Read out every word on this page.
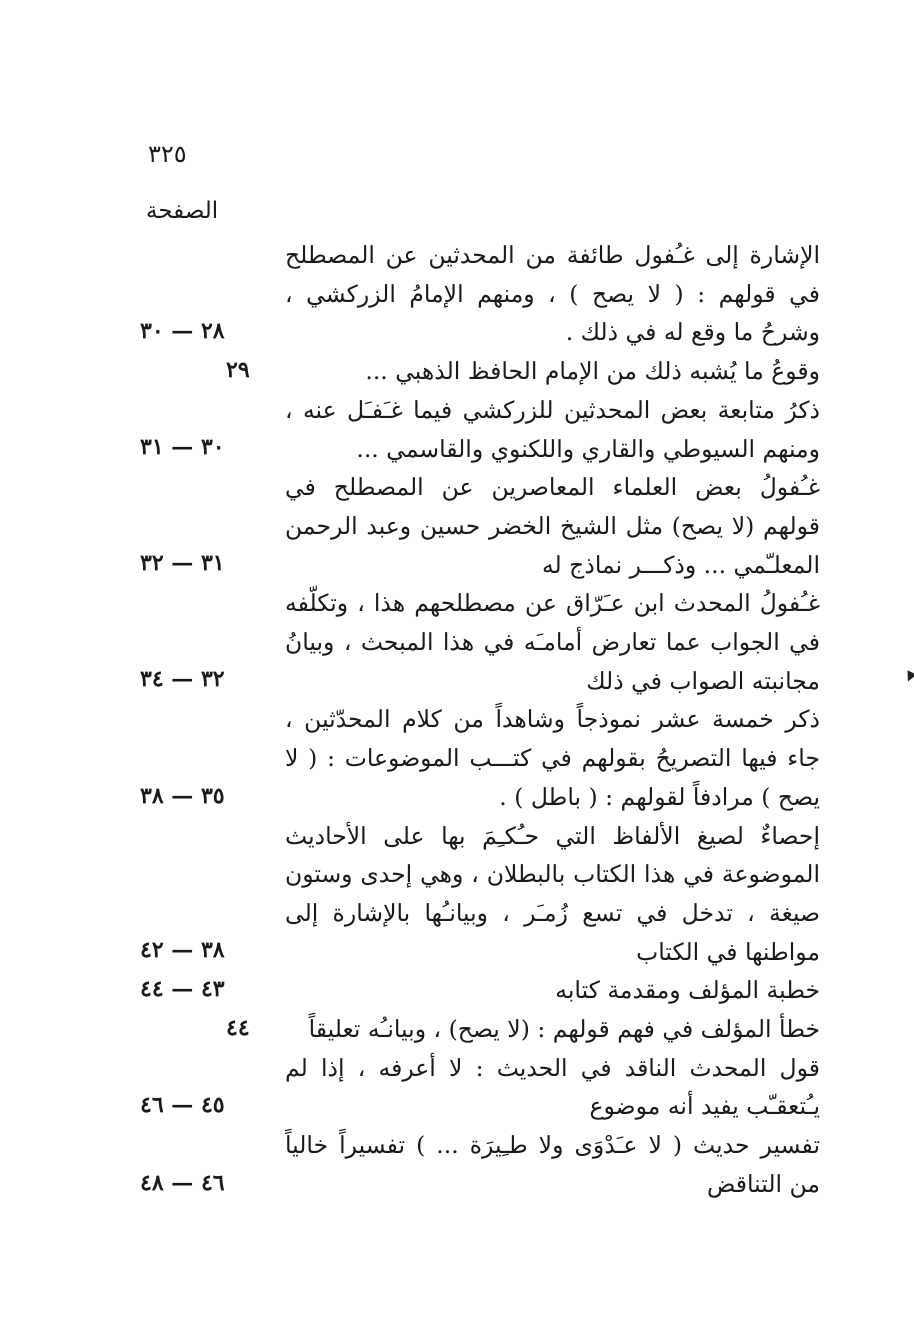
٣٢٥
الصفحة
الإشارة إلى غـُفول طائفة من المحدثين عن المصطلح في قولهم : ( لا يصح ) ، ومنهم الإمامُ الزركشي ، وشرحُ ما وقع له في ذلك .
٢٨ — ٣٠
وقوعُ ما يُشبه ذلك من الإمام الحافظ الذهبي ...
٢٩
ذكرُ متابعة بعض المحدثين للزركشي فيما غـَفـَل عنه ، ومنهم السيوطي والقاري واللكنوي والقاسمي ...
٣٠ — ٣١
غـُفولُ بعض العلماء المعاصرين عن المصطلح في قولهم (لا يصح) مثل الشيخ الخضر حسين وعبد الرحمن المعلـّمي ... وذكـــر نماذج له
٣١ — ٣٢
غـُفولُ المحدث ابن عـَرّاق عن مصطلحهم هذا ، وتكلّفه في الجواب عما تعارض أمامـَه في هذا المبحث ، وبيانُ مجانبته الصواب في ذلك
٣٢ — ٣٤
ذكر خمسة عشر نموذجاً وشاهداً من كلام المحدّثين ، جاء فيها التصريحُ بقولهم في كتـــب الموضوعات : ( لا يصح ) مرادفاً لقولهم : ( باطل ) .
٣٥ — ٣٨
إحصاءٌ لصيغ الألفاظ التي حـُكـِمَ بها على الأحاديث الموضوعة في هذا الكتاب بالبطلان ، وهي إحدى وستون صيغة ، تدخل في تسع زُمـَر ، وبيانـُها بالإشارة إلى مواطنها في الكتاب
٣٨ — ٤٢
خطبة المؤلف ومقدمة كتابه
٤٣ — ٤٤
خطأ المؤلف في فهم قولهم : (لا يصح) ، وبيانـُه تعليقاً
٤٤
قول المحدث الناقد في الحديث : لا أعرفه ، إذا لم يـُتعقـّب يفيد أنه موضوع
٤٥ — ٤٦
تفسير حديث ( لا عـَدْوَى ولا طـِيرَة ... ) تفسيراً خالياً من التناقض
٤٦ — ٤٨
